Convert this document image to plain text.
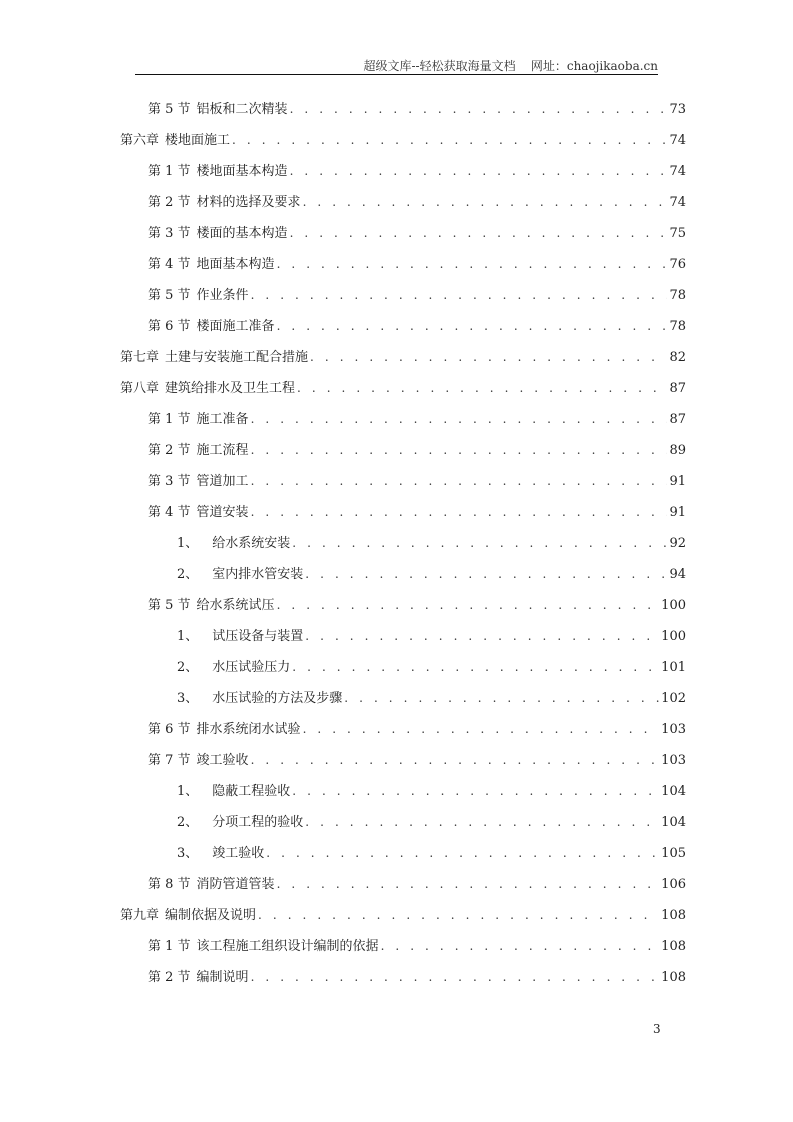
超级文库--轻松获取海量文档    网址：chaojikaoba.cn
第 5 节 铝板和二次精装 . . .	73
第六章 楼地面施工 . . .	74
第 1 节 楼地面基本构造 . . .	74
第 2 节 材料的选择及要求 . . .	74
第 3 节 楼面的基本构造 . . .	75
第 4 节 地面基本构造 . . .	76
第 5 节 作业条件 . . .	78
第 6 节 楼面施工准备 . . .	78
第七章 土建与安装施工配合措施 . . .	82
第八章 建筑给排水及卫生工程 . . .	87
第 1 节 施工准备 . . .	87
第 2 节 施工流程 . . .	89
第 3 节 管道加工 . . .	91
第 4 节 管道安装 . . .	91
1、 给水系统安装 . . .	92
2、 室内排水管安装 . . .	94
第 5 节 给水系统试压 . . .	100
1、 试压设备与装置 . . .	100
2、 水压试验压力 . . .	101
3、 水压试验的方法及步骤 . . .	102
第 6 节 排水系统闭水试验 . . .	103
第 7 节 竣工验收 . . .	103
1、 隐蔽工程验收 . . .	104
2、 分项工程的验收 . . .	104
3、 竣工验收 . . .	105
第 8 节 消防管道管装 . . .	106
第九章 编制依据及说明 . . .	108
第 1 节 该工程施工组织设计编制的依据 . . .	108
第 2 节 编制说明 . . .	108
3
